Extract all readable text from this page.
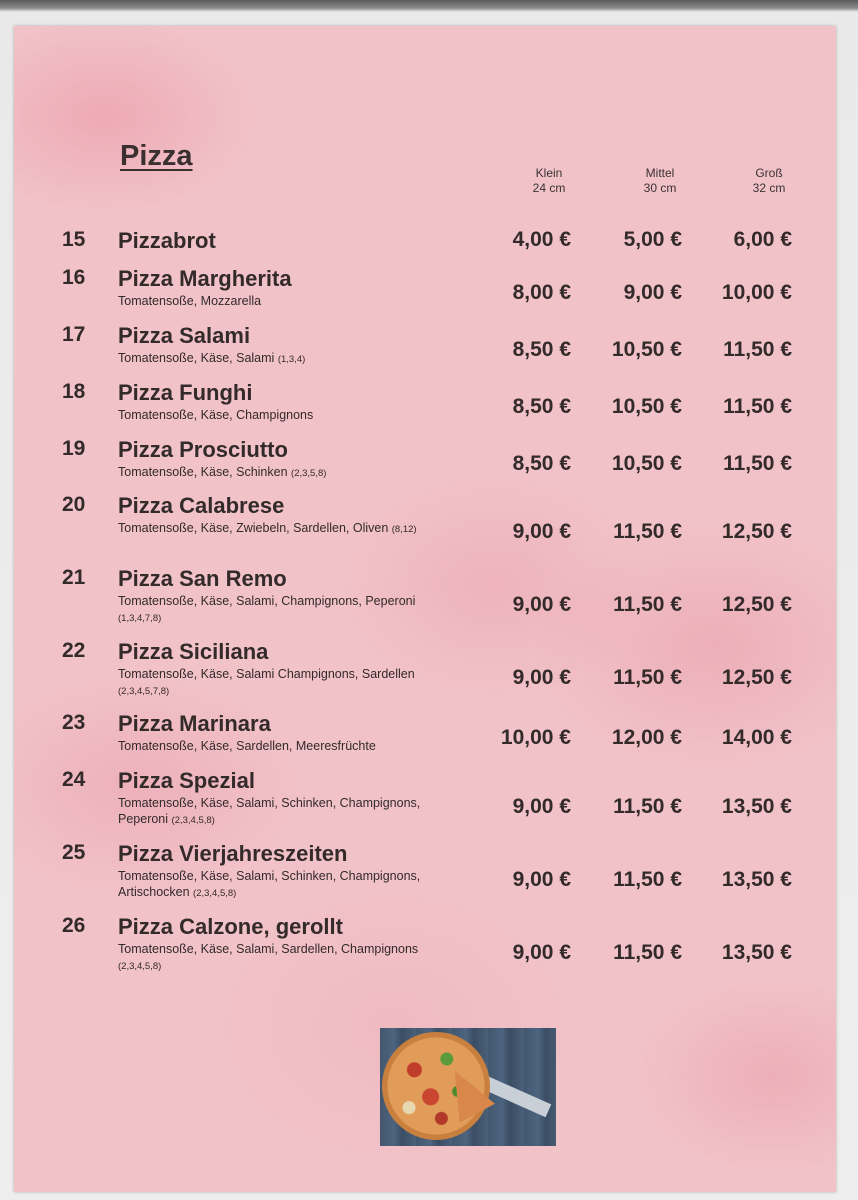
Pizza
Klein
24 cm
Mittel
30 cm
Groß
32 cm
15 Pizzabrot	4,00 €	5,00 €	6,00 €
16 Pizza Margherita
Tomatensoße, Mozzarella	8,00 €	9,00 €	10,00 €
17 Pizza Salami
Tomatensoße, Käse, Salami (1,3,4)	8,50 €	10,50 €	11,50 €
18 Pizza Funghi
Tomatensoße, Käse, Champignons	8,50 €	10,50 €	11,50 €
19 Pizza Prosciutto
Tomatensoße, Käse, Schinken (2,3,5,8)	8,50 €	10,50 €	11,50 €
20 Pizza Calabrese
Tomatensoße, Käse, Zwiebeln, Sardellen, Oliven (8,12)	9,00 €	11,50 €	12,50 €
21 Pizza San Remo
Tomatensoße, Käse, Salami, Champignons, Peperoni (1,3,4,7,8)
9,00 €	11,50 €	12,50 €
22 Pizza Siciliana
Tomatensoße, Käse, Salami Champignons, Sardellen (2,3,4,5,7,8)
9,00 €	11,50 €	12,50 €
23 Pizza Marinara
Tomatensoße, Käse, Sardellen, Meeresfrüchte	10,00 €	12,00 €	14,00 €
24 Pizza Spezial
Tomatensoße, Käse, Salami, Schinken, Champignons, Peperoni (2,3,4,5,8)
9,00 €	11,50 €	13,50 €
25 Pizza Vierjahreszeiten
Tomatensoße, Käse, Salami, Schinken, Champignons, Artischocken (2,3,4,5,8)
9,00 €	11,50 €	13,50 €
26 Pizza Calzone, gerollt
Tomatensoße, Käse, Salami, Sardellen, Champignons (2,3,4,5,8)
9,00 €	11,50 €	13,50 €
